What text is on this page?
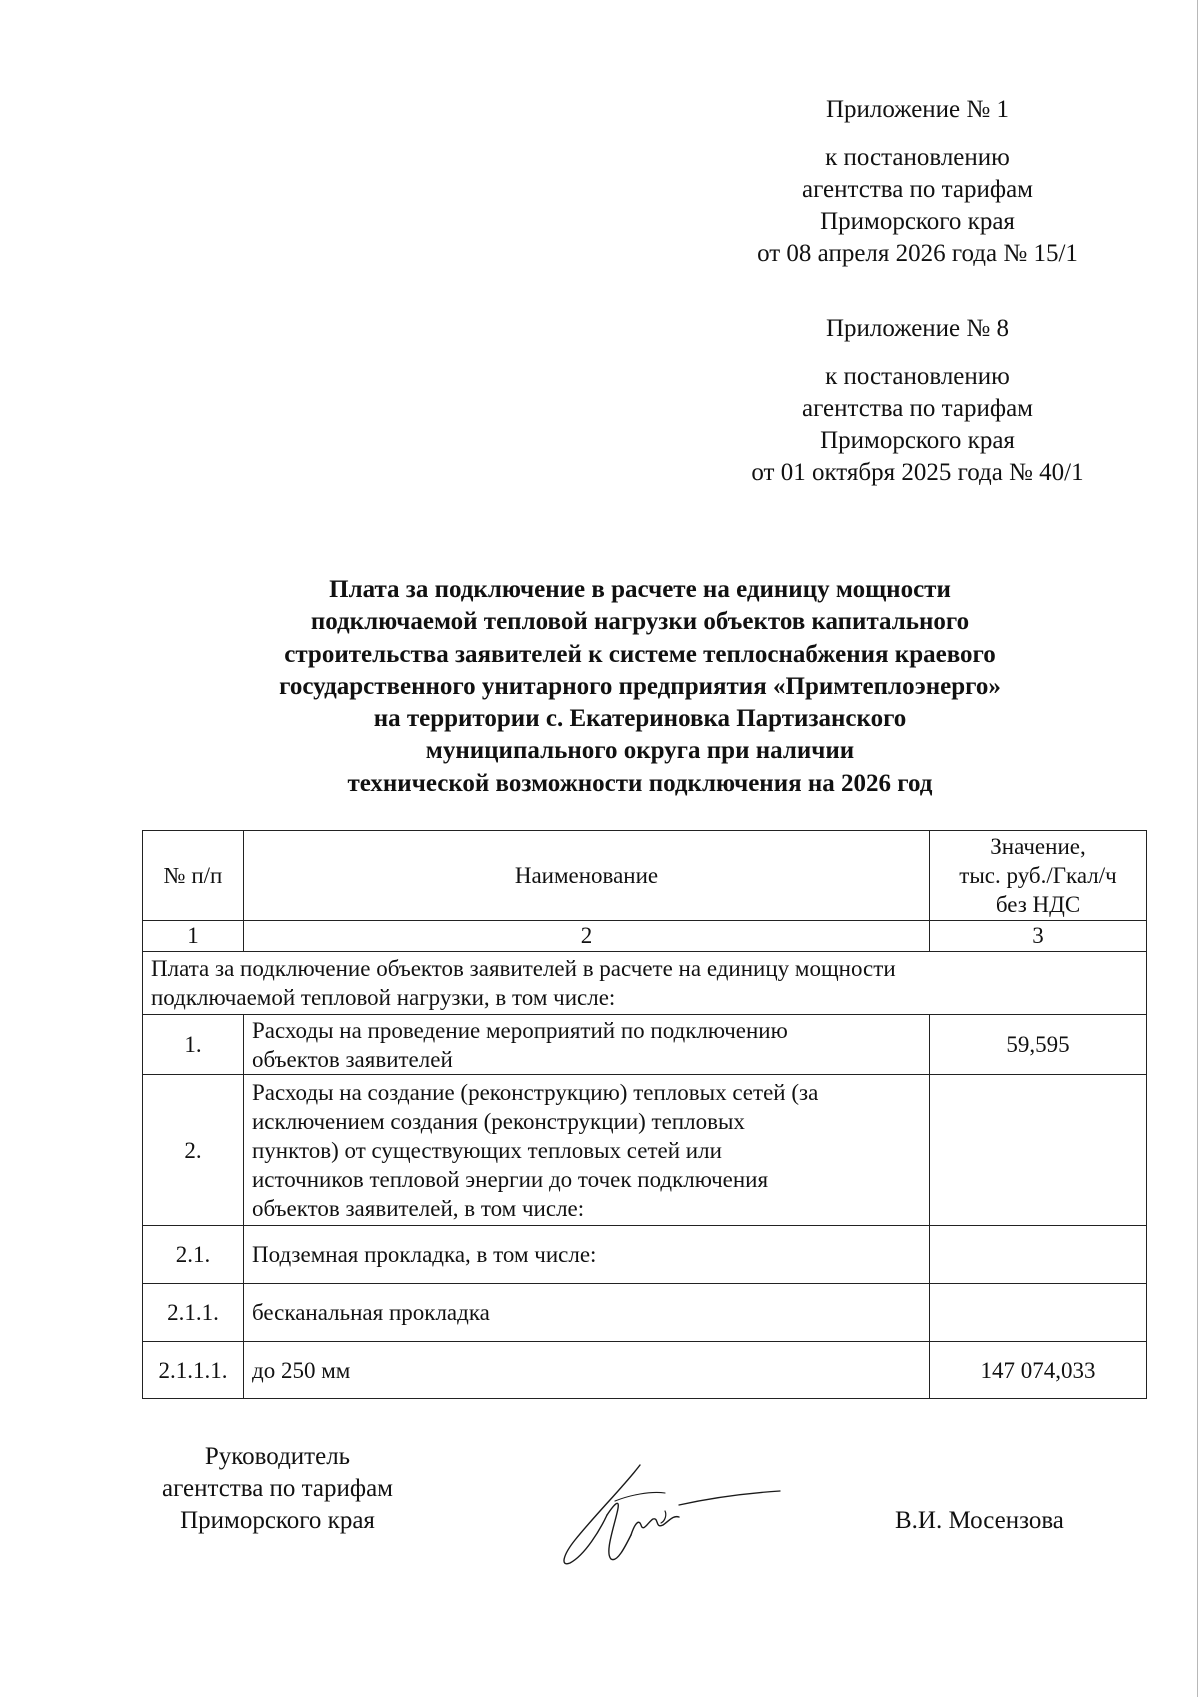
Приложение № 1
к постановлению
агентства по тарифам
Приморского края
от 08 апреля 2026 года № 15/1
Приложение № 8
к постановлению
агентства по тарифам
Приморского края
от 01 октября 2025 года № 40/1
Плата за подключение в расчете на единицу мощности
подключаемой тепловой нагрузки объектов капитального
строительства заявителей к системе теплоснабжения краевого
государственного унитарного предприятия «Примтеплоэнерго»
на территории с. Екатериновка Партизанского
муниципального округа при наличии
технической возможности подключения на 2026 год
№ п/п	Наименование	Значение,
тыс. руб./Гкал/ч
без НДС

1	2	3

Плата за подключение объектов заявителей в расчете на единицу мощности
подключаемой тепловой нагрузки, в том числе:		

1.	Расходы на проведение мероприятий по подключению
объектов заявителей	59,595
2.	Расходы на создание (реконструкцию) тепловых сетей (за
исключением создания (реконструкции) тепловых
пунктов) от существующих тепловых сетей или
источников тепловой энергии до точек подключения
объектов заявителей, в том числе:	

2.1.	Подземная прокладка, в том числе:	

2.1.1.	бесканальная прокладка	

2.1.1.1.	до 250 мм	147 074,033
Руководитель
агентства по тарифам
Приморского края	В.И. Мосензова
